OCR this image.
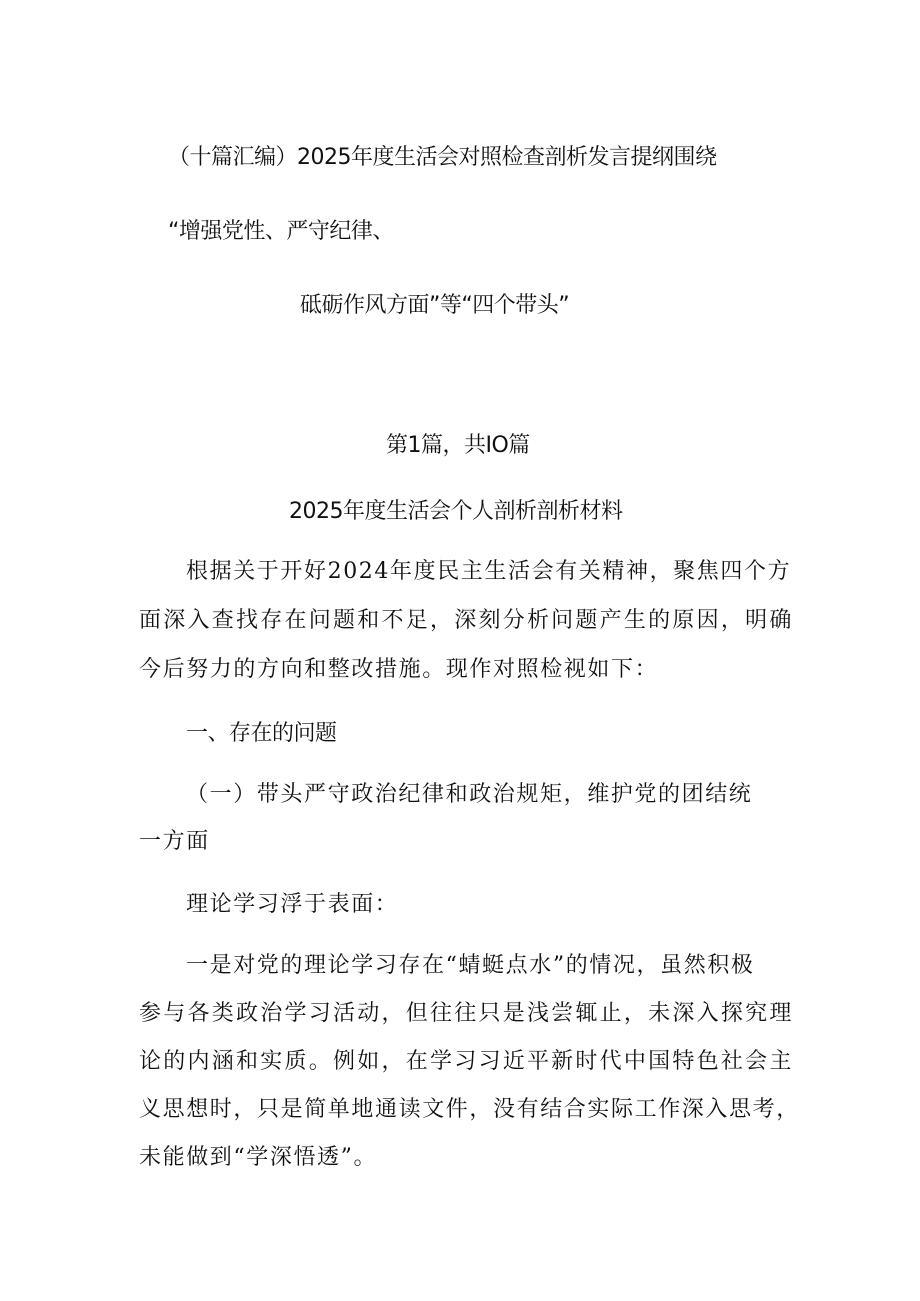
（十篇汇编）2025年度生活会对照检查剖析发言提纲围绕

“增强党性、严守纪律、

砥砺作风方面”等“四个带头”

第1篇，共IO篇

2025年度生活会个人剖析剖析材料

根据关于开好2024年度民主生活会有关精神，聚焦四个方

面深入查找存在问题和不足，深刻分析问题产生的原因，明确

今后努力的方向和整改措施。现作对照检视如下：

一、存在的问题

（一）带头严守政治纪律和政治规矩，维护党的团结统

一方面

理论学习浮于表面：

一是对党的理论学习存在“蜻蜓点水”的情况，虽然积极

参与各类政治学习活动，但往往只是浅尝辄止，未深入探究理

论的内涵和实质。例如，在学习习近平新时代中国特色社会主

义思想时，只是简单地通读文件，没有结合实际工作深入思考，

未能做到“学深悟透”。
